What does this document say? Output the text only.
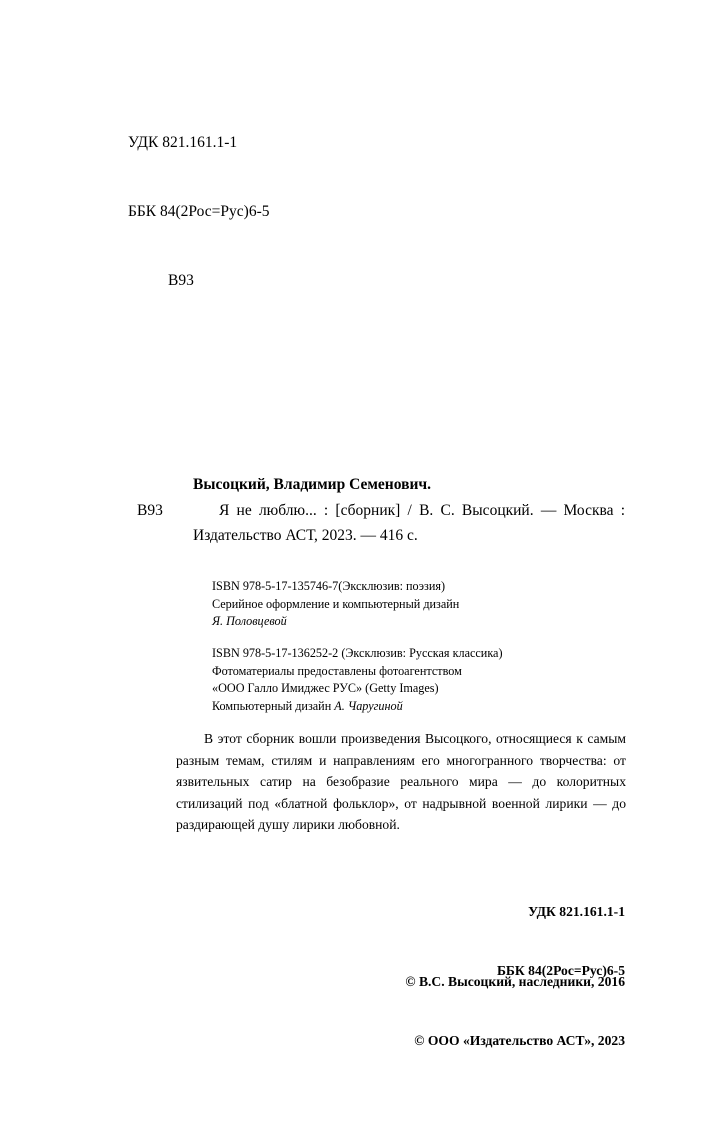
УДК 821.161.1-1

ББК 84(2Рос=Рус)6-5

В93

Высоцкий, Владимир Семенович.
В93	Я не люблю... : [сборник] / В. С. Высоцкий. — Москва : Издательство АСТ, 2023. — 416 с.
ISBN 978-5-17-135746-7(Эксклюзив: поэзия)
Серийное оформление и компьютерный дизайн
Я. Половцевой
ISBN 978-5-17-136252-2 (Эксклюзив: Русская классика)
Фотоматериалы предоставлены фотоагентством
«ООО Галло Имиджес РУС» (Getty Images)
Компьютерный дизайн А. Чаругиной
В этот сборник вошли произведения Высоцкого, относящиеся к самым разным темам, стилям и направлениям его многогранного творчества: от язвительных сатир на безобразие реального мира — до колоритных стилизаций под «блатной фольклор», от надрывной военной лирики — до раздирающей душу лирики любовной.

УДК 821.161.1-1

ББК 84(2Рос=Рус)6-5

© В.С. Высоцкий, наследники, 2016

© ООО «Издательство АСТ», 2023
